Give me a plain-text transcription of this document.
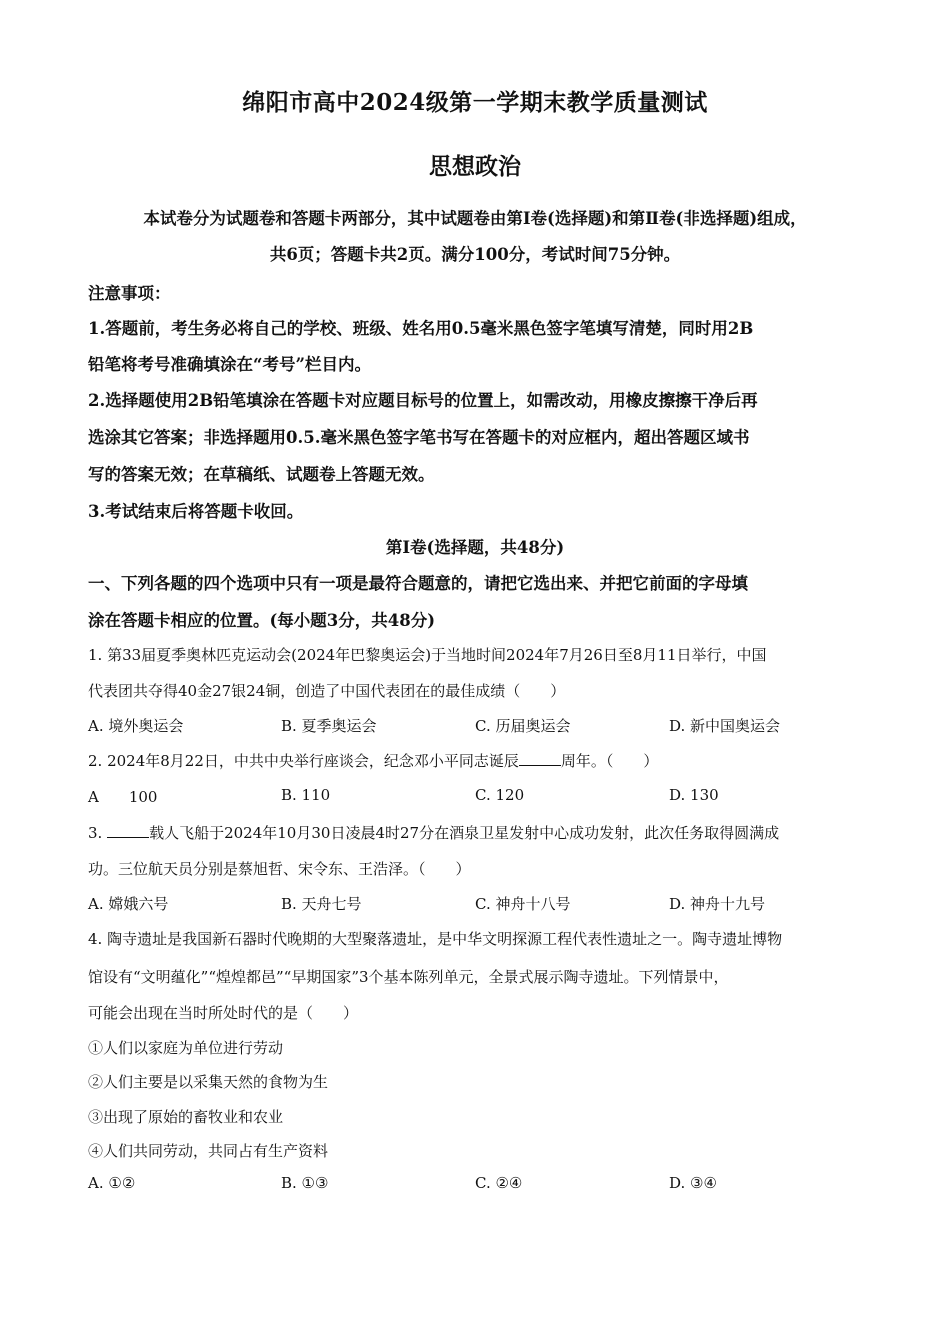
绵阳市高中2024级第一学期末教学质量测试
思想政治
本试卷分为试题卷和答题卡两部分，其中试题卷由第Ⅰ卷(选择题)和第Ⅱ卷(非选择题)组成，
共6页；答题卡共2页。满分100分，考试时间75分钟。
注意事项：
1.答题前，考生务必将自己的学校、班级、姓名用0.5毫米黑色签字笔填写清楚，同时用2B
铅笔将考号准确填涂在“考号”栏目内。
2.选择题使用2B铅笔填涂在答题卡对应题目标号的位置上，如需改动，用橡皮擦擦干净后再
选涂其它答案；非选择题用0.5.毫米黑色签字笔书写在答题卡的对应框内，超出答题区域书
写的答案无效；在草稿纸、试题卷上答题无效。
3.考试结束后将答题卡收回。
第Ⅰ卷(选择题，共48分)
一、下列各题的四个选项中只有一项是最符合题意的，请把它选出来、并把它前面的字母填
涂在答题卡相应的位置。(每小题3分，共48分)
1. 第33届夏季奥林匹克运动会(2024年巴黎奥运会)于当地时间2024年7月26日至8月11日举行，中国
代表团共夺得40金27银24铜，创造了中国代表团在的最佳成绩（　　）
A. 境外奥运会	B. 夏季奥运会	C. 历届奥运会	D. 新中国奥运会
2. 2024年8月22日，中共中央举行座谈会，纪念邓小平同志诞辰	周年。（　　）
A　　100	B. 110	C. 120	D. 130
3.	载人飞船于2024年10月30日凌晨4时27分在酒泉卫星发射中心成功发射，此次任务取得圆满成
功。三位航天员分别是蔡旭哲、宋令东、王浩泽。（　　）
A. 嫦娥六号	B. 天舟七号	C. 神舟十八号	D. 神舟十九号
4. 陶寺遗址是我国新石器时代晚期的大型聚落遗址，是中华文明探源工程代表性遗址之一。陶寺遗址博物
馆设有“文明蕴化”“煌煌都邑”“早期国家”3个基本陈列单元，全景式展示陶寺遗址。下列情景中，
可能会出现在当时所处时代的是（　　）
①人们以家庭为单位进行劳动
②人们主要是以采集天然的食物为生
③出现了原始的畜牧业和农业
④人们共同劳动，共同占有生产资料
A. ①②	B. ①③	C. ②④	D. ③④
